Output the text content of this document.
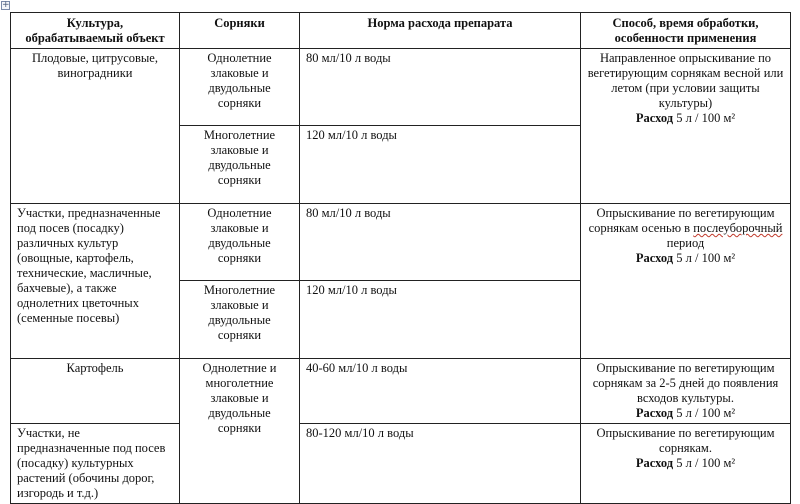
+
Культура, обрабатываемый объект	Сорняки	Норма расхода препарата	Способ, время обработки, особенности применения
Плодовые, цитрусовые, виноградники	Однолетние злаковые и двудольные сорняки	80 мл/10 л воды	Направленное опрыскивание по вегетирующим сорнякам весной или летом (при условии защиты культуры)
Расход 5 л / 100 м²
	Многолетние злаковые и двудольные сорняки	120 мл/10 л воды	
Участки, предназначенные под посев (посадку) различных культур (овощные, картофель, технические, масличные, бахчевые), а также однолетних цветочных (семенные посевы)	Однолетние злаковые и двудольные сорняки	80 мл/10 л воды	Опрыскивание по вегетирующим сорнякам осенью в послеуборочный период
Расход 5 л / 100 м²
	Многолетние злаковые и двудольные сорняки	120 мл/10 л воды	
Картофель	Однолетние и многолетние злаковые и двудольные сорняки	40-60 мл/10 л воды	Опрыскивание по вегетирующим сорнякам за 2-5 дней до появления всходов культуры.
Расход 5 л / 100 м²
Участки, не предназначенные под посев (посадку) культурных растений (обочины дорог, изгородь и т.д.)		80-120 мл/10 л воды	Опрыскивание по вегетирующим сорнякам.
Расход 5 л / 100 м²
